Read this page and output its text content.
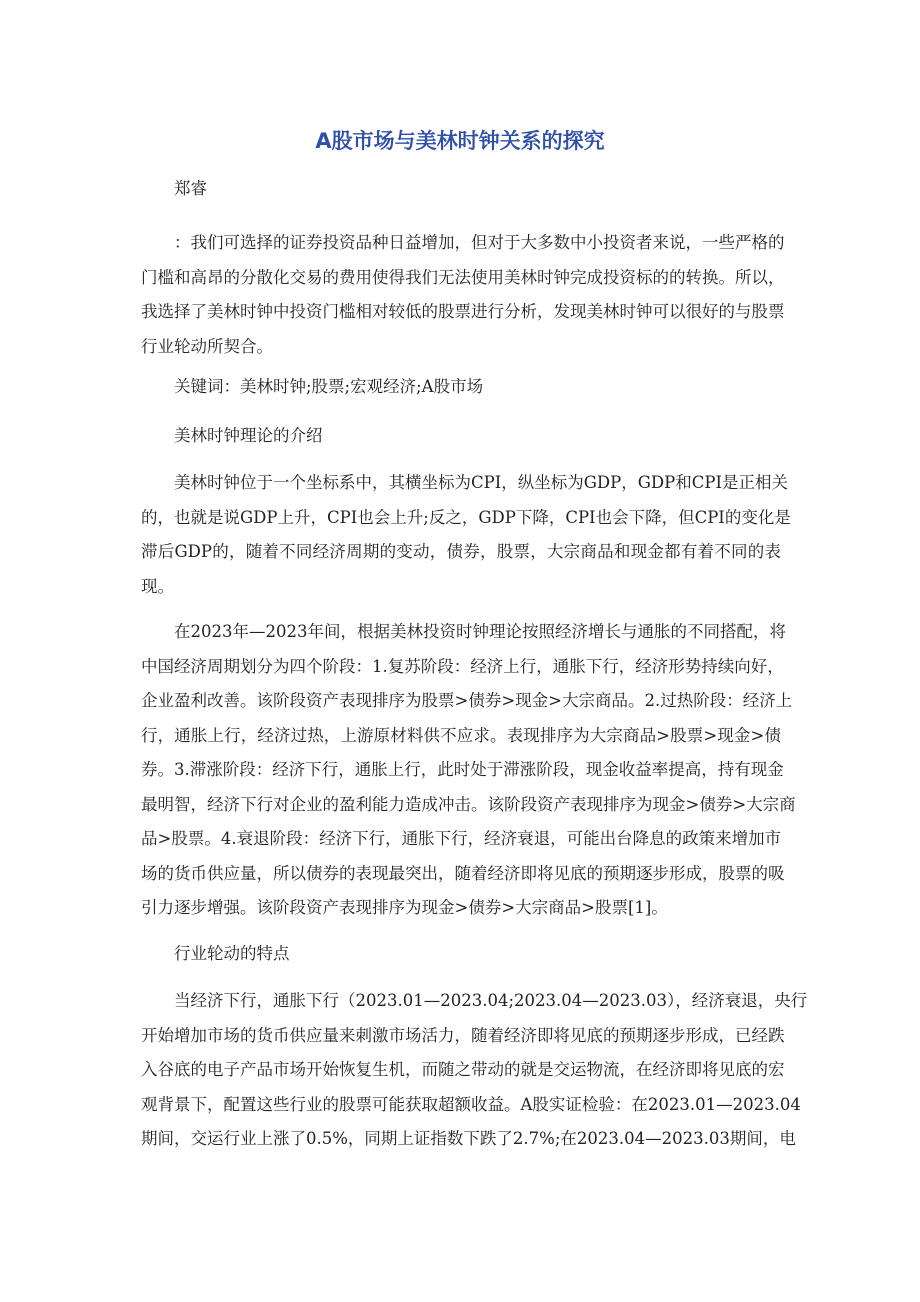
A股市场与美林时钟关系的探究
郑睿
：我们可选择的证券投资品种日益增加，但对于大多数中小投资者来说，一些严格的
门槛和高昂的分散化交易的费用使得我们无法使用美林时钟完成投资标的的转换。所以，
我选择了美林时钟中投资门槛相对较低的股票进行分析，发现美林时钟可以很好的与股票
行业轮动所契合。
关键词：美林时钟;股票;宏观经济;A股市场
美林时钟理论的介绍
美林时钟位于一个坐标系中，其横坐标为CPI，纵坐标为GDP，GDP和CPI是正相关
的，也就是说GDP上升，CPI也会上升;反之，GDP下降，CPI也会下降，但CPI的变化是
滞后GDP的，随着不同经济周期的变动，债券，股票，大宗商品和现金都有着不同的表
现。
在2023年—2023年间，根据美林投资时钟理论按照经济增长与通胀的不同搭配，将
中国经济周期划分为四个阶段：1.复苏阶段：经济上行，通胀下行，经济形势持续向好，
企业盈利改善。该阶段资产表现排序为股票>债券>现金>大宗商品。2.过热阶段：经济上
行，通胀上行，经济过热，上游原材料供不应求。表现排序为大宗商品>股票>现金>债
券。3.滞涨阶段：经济下行，通胀上行，此时处于滞涨阶段，现金收益率提高，持有现金
最明智，经济下行对企业的盈利能力造成冲击。该阶段资产表现排序为现金>债券>大宗商
品>股票。4.衰退阶段：经济下行，通胀下行，经济衰退，可能出台降息的政策来增加市
场的货币供应量，所以债券的表现最突出，随着经济即将见底的预期逐步形成，股票的吸
引力逐步增强。该阶段资产表现排序为现金>债券>大宗商品>股票[1]。
行业轮动的特点
当经济下行，通胀下行（2023.01—2023.04;2023.04—2023.03），经济衰退，央行
开始增加市场的货币供应量来刺激市场活力，随着经济即将见底的预期逐步形成，已经跌
入谷底的电子产品市场开始恢复生机，而随之带动的就是交运物流，在经济即将见底的宏
观背景下，配置这些行业的股票可能获取超额收益。A股实证检验：在2023.01—2023.04
期间，交运行业上涨了0.5%，同期上证指数下跌了2.7%;在2023.04—2023.03期间，电
